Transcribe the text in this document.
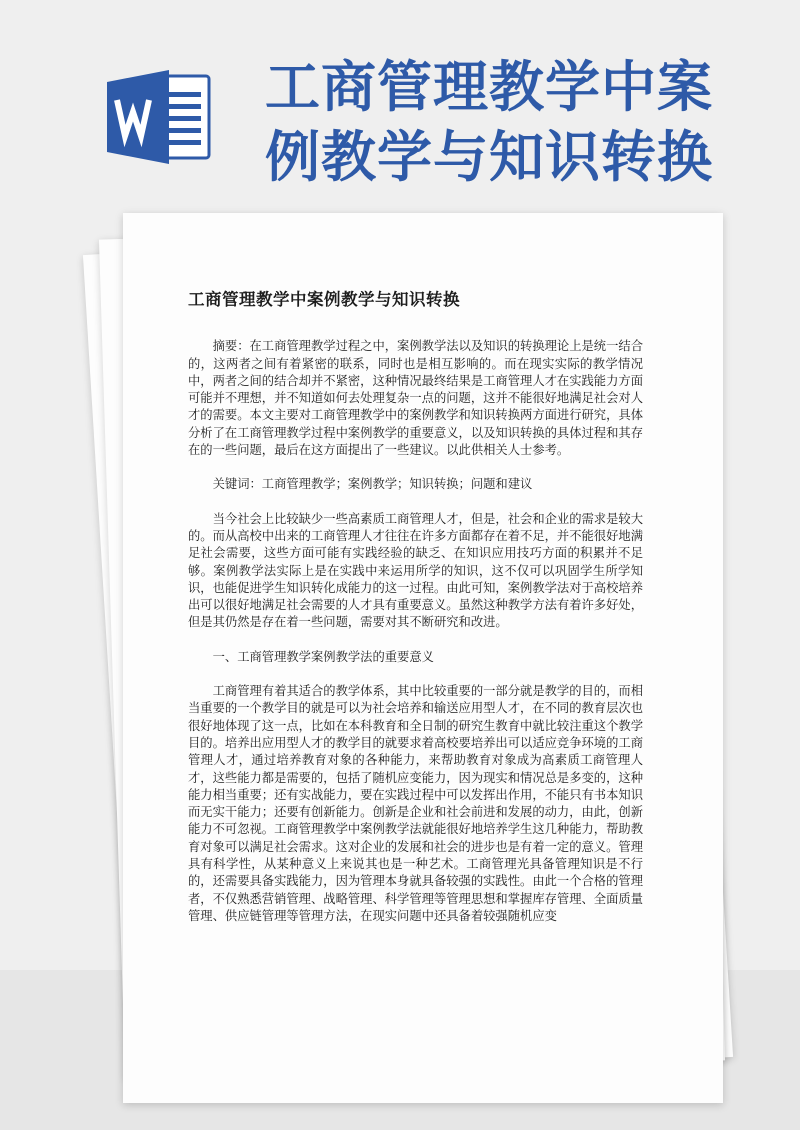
工商管理教学中案例教学与知识转换
工商管理教学中案例教学与知识转换

摘要：在工商管理教学过程之中，案例教学法以及知识的转换理论上是统一结合的，这两者之间有着紧密的联系，同时也是相互影响的。而在现实实际的教学情况中，两者之间的结合却并不紧密，这种情况最终结果是工商管理人才在实践能力方面可能并不理想，并不知道如何去处理复杂一点的问题，这并不能很好地满足社会对人才的需要。本文主要对工商管理教学中的案例教学和知识转换两方面进行研究，具体分析了在工商管理教学过程中案例教学的重要意义，以及知识转换的具体过程和其存在的一些问题，最后在这方面提出了一些建议。以此供相关人士参考。

关键词：工商管理教学；案例教学；知识转换；问题和建议

当今社会上比较缺少一些高素质工商管理人才，但是，社会和企业的需求是较大的。而从高校中出来的工商管理人才往往在许多方面都存在着不足，并不能很好地满足社会需要，这些方面可能有实践经验的缺乏、在知识应用技巧方面的积累并不足够。案例教学法实际上是在实践中来运用所学的知识，这不仅可以巩固学生所学知识，也能促进学生知识转化成能力的这一过程。由此可知，案例教学法对于高校培养出可以很好地满足社会需要的人才具有重要意义。虽然这种教学方法有着许多好处，但是其仍然是存在着一些问题，需要对其不断研究和改进。

一、工商管理教学案例教学法的重要意义

工商管理有着其适合的教学体系，其中比较重要的一部分就是教学的目的，而相当重要的一个教学目的就是可以为社会培养和输送应用型人才，在不同的教育层次也很好地体现了这一点，比如在本科教育和全日制的研究生教育中就比较注重这个教学目的。培养出应用型人才的教学目的就要求着高校要培养出可以适应竞争环境的工商管理人才，通过培养教育对象的各种能力，来帮助教育对象成为高素质工商管理人才，这些能力都是需要的，包括了随机应变能力，因为现实和情况总是多变的，这种能力相当重要；还有实战能力，要在实践过程中可以发挥出作用，不能只有书本知识而无实干能力；还要有创新能力。创新是企业和社会前进和发展的动力，由此，创新能力不可忽视。工商管理教学中案例教学法就能很好地培养学生这几种能力，帮助教育对象可以满足社会需求。这对企业的发展和社会的进步也是有着一定的意义。管理具有科学性，从某种意义上来说其也是一种艺术。工商管理光具备管理知识是不行的，还需要具备实践能力，因为管理本身就具备较强的实践性。由此一个合格的管理者，不仅熟悉营销管理、战略管理、科学管理等管理思想和掌握库存管理、全面质量管理、供应链管理等管理方法，在现实问题中还具备着较强随机应变
